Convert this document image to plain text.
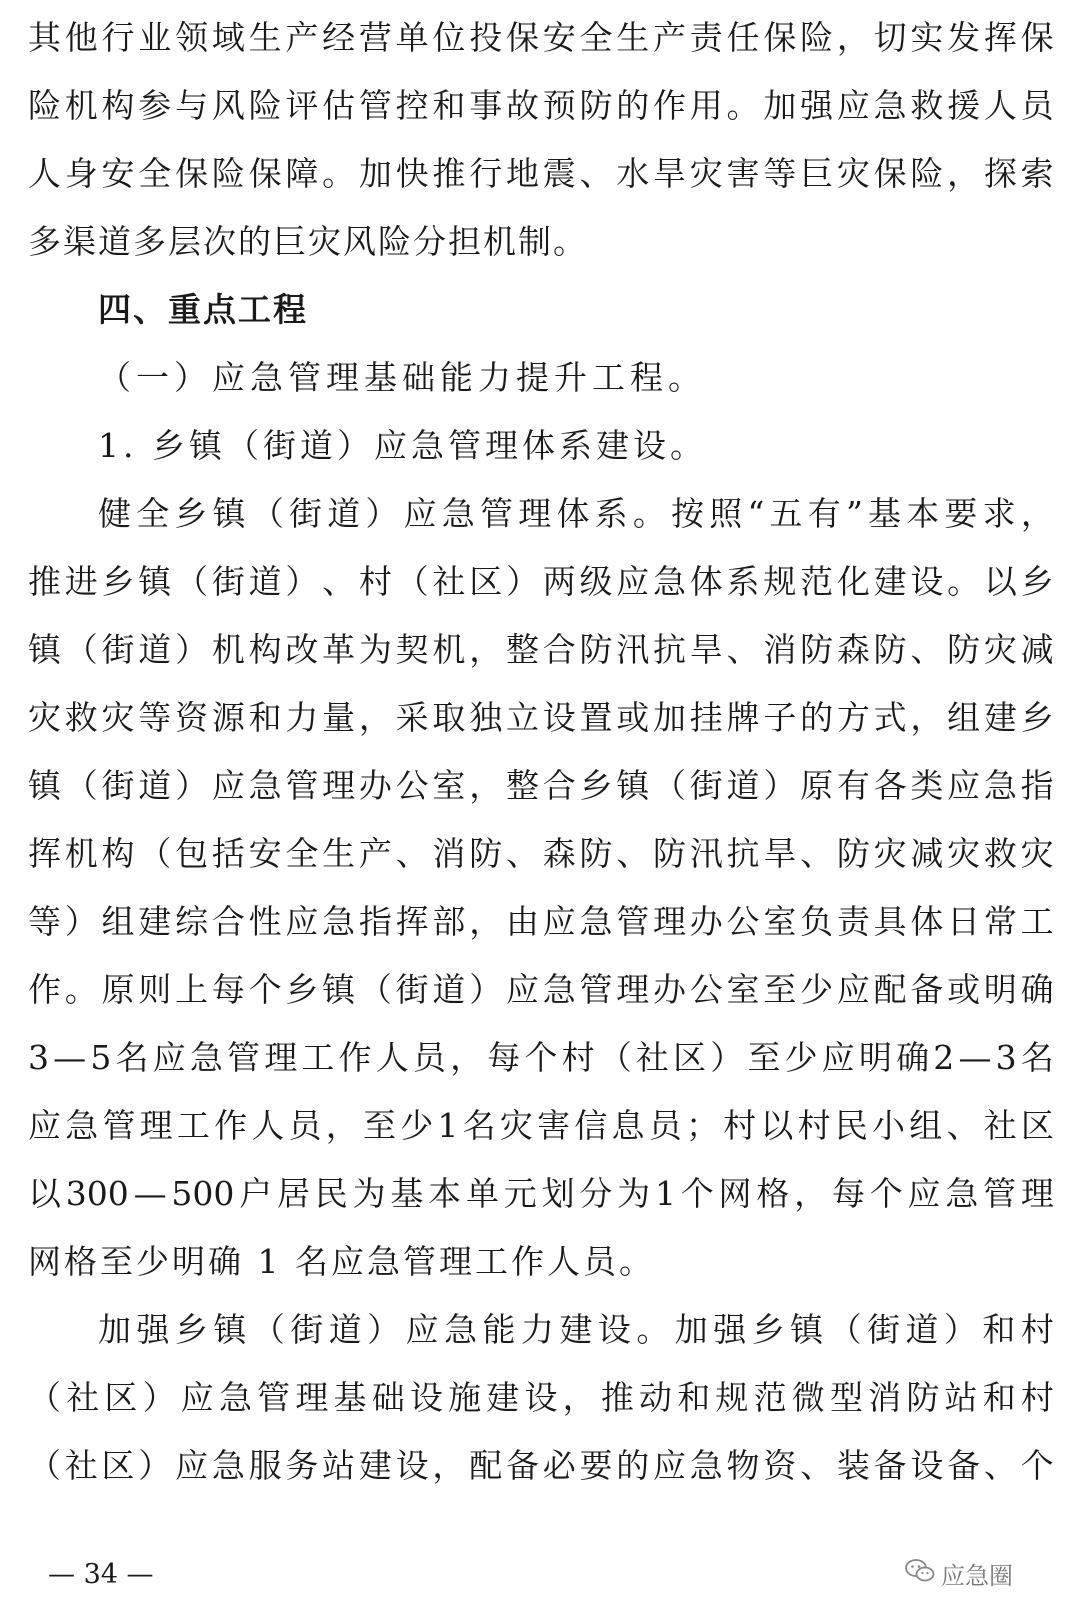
其 他 行 业 领 域 生 产 经 营 单 位 投 保 安 全 生 产 责 任 保 险 ， 切 实 发 挥 保
险 机 构 参 与 风 险 评 估 管 控 和 事 故 预 防 的 作 用 。 加 强 应 急 救 援 人 员
人 身 安 全 保 险 保 障 。 加 快 推 行 地 震 、 水 旱 灾 害 等 巨 灾 保 险 ， 探 索
多渠道多层次的巨灾风险分担机制。
四、重点工程
（一）应急管理基础能力提升工程。
1. 乡镇（街道）应急管理体系建设。
健 全 乡 镇 （ 街 道 ） 应 急 管 理 体 系 。 按 照 “ 五 有 ” 基 本 要 求 ，
推 进 乡 镇 （ 街 道 ） 、 村 （ 社 区 ） 两 级 应 急 体 系 规 范 化 建 设 。 以 乡
镇 （ 街 道 ） 机 构 改 革 为 契 机 ， 整 合 防 汛 抗 旱 、 消 防 森 防 、 防 灾 减
灾 救 灾 等 资 源 和 力 量 ， 采 取 独 立 设 置 或 加 挂 牌 子 的 方 式 ， 组 建 乡
镇 （ 街 道 ） 应 急 管 理 办 公 室 ， 整 合 乡 镇 （ 街 道 ） 原 有 各 类 应 急 指
挥 机 构 （ 包 括 安 全 生 产 、 消 防 、 森 防 、 防 汛 抗 旱 、 防 灾 减 灾 救 灾
等 ） 组 建 综 合 性 应 急 指 挥 部 ， 由 应 急 管 理 办 公 室 负 责 具 体 日 常 工
作 。 原 则 上 每 个 乡 镇 （ 街 道 ） 应 急 管 理 办 公 室 至 少 应 配 备 或 明 确
3 — 5 名 应 急 管 理 工 作 人 员 ， 每 个 村 （ 社 区 ） 至 少 应 明 确 2 — 3 名
应 急 管 理 工 作 人 员 ， 至 少 1 名 灾 害 信 息 员 ； 村 以 村 民 小 组 、 社 区
以 300 — 500 户 居 民 为 基 本 单 元 划 分 为 1 个 网 格 ， 每 个 应 急 管 理
网格至少明确 1 名应急管理工作人员。
加 强 乡 镇 （ 街 道 ） 应 急 能 力 建 设 。 加 强 乡 镇 （ 街 道 ） 和 村
（ 社 区 ） 应 急 管 理 基 础 设 施 建 设 ， 推 动 和 规 范 微 型 消 防 站 和 村
（ 社 区 ） 应 急 服 务 站 建 设 ， 配 备 必 要 的 应 急 物 资 、 装 备 设 备 、 个
— 34 —	应急圈
